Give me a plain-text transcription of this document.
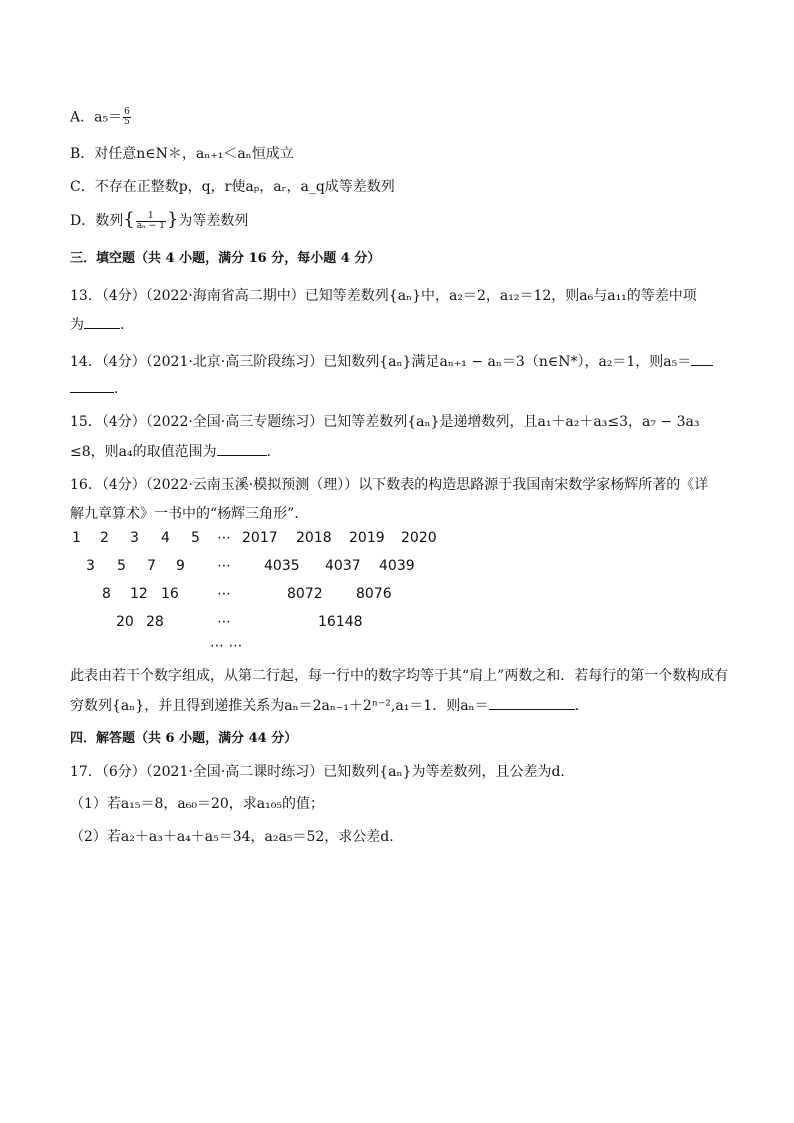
A．$a_5= \frac{6}{5}$
B．对任意n∈N＊，aₙ₊₁＜aₙ恒成立
C．不存在正整数p，q，r使aₚ，aᵣ，a_q成等差数列
D．数列{ $\frac{1}{\text{aₙ − 1}}$ }为等差数列
三．填空题（共 4 小题，满分 16 分，每小题 4 分）
13．（4分）（2022·海南省高二期中）已知等差数列{aₙ}中，a₂＝2，a₁₂＝12，则a₆与a₁₁的等差中项
为	.
14．（4分）（2021·北京·高三阶段练习）已知数列{aₙ}满足aₙ₊₁ − aₙ＝3（n∈N*），a₂＝1，则a₅＝
.
15．（4分）（2022·全国·高三专题练习）已知等差数列{aₙ}是递增数列，且a₁＋a₂＋a₃≤3，a₇ − 3a₃
≤8，则a₄的取值范围为	.
16．（4分）（2022·云南玉溪·模拟预测（理））以下数表的构造思路源于我国南宋数学家杨辉所著的《详
解九章算术》一书中的“杨辉三角形”．
1 2 3 4 5 ⋯ 2017 2018 2019 2020
3 5 7 9 ⋯ 4035 4037 4039
8 12 16	⋯	8072 8076
20 28	⋯	16148
⋯ ⋯
此表由若干个数字组成，从第二行起，每一行中的数字均等于其“肩上”两数之和．若每行的第一个数构成有
穷数列{aₙ}，并且得到递推关系为aₙ＝2aₙ₋₁＋2ⁿ⁻²,a₁＝1．则aₙ＝	.
四．解答题（共 6 小题，满分 44 分）
17．（6分）（2021·全国·高二课时练习）已知数列{aₙ}为等差数列，且公差为d.
（1）若a₁₅＝8，a₆₀＝20，求a₁₀₅的值；
（2）若a₂＋a₃＋a₄＋a₅＝34，a₂a₅＝52，求公差d.
